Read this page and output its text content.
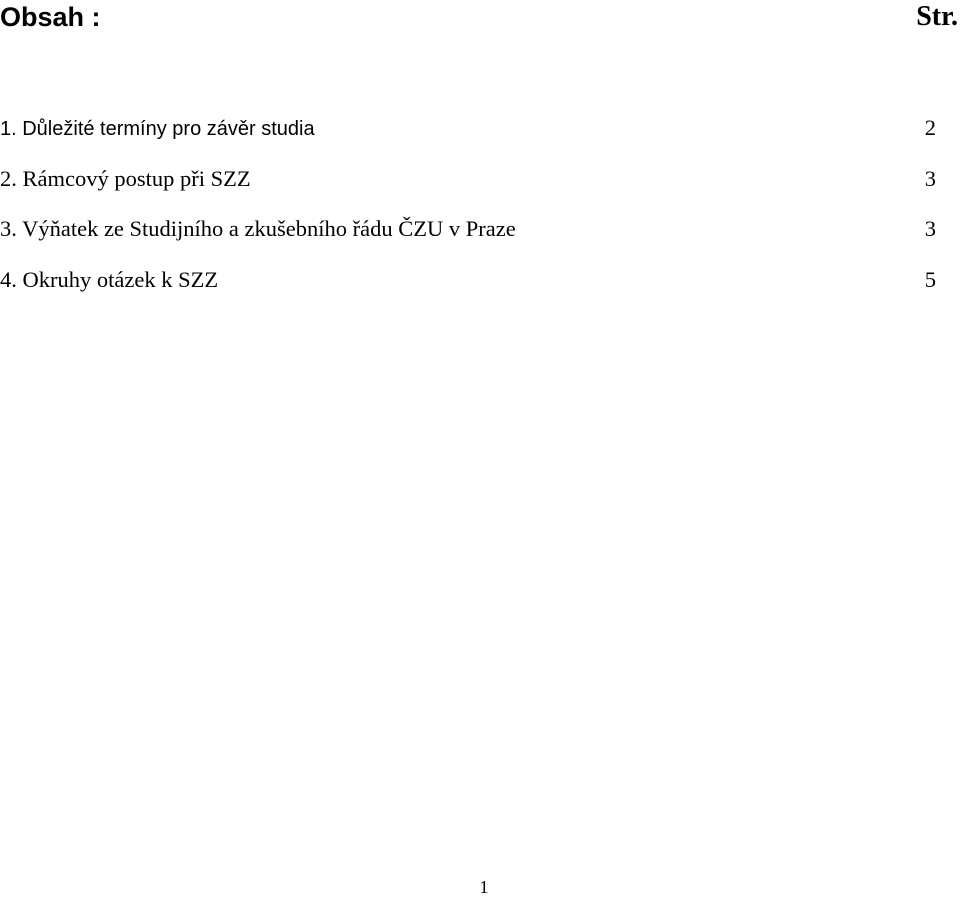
Obsah :	Str.
1. Důležité termíny pro závěr studia	2
2. Rámcový postup při SZZ	3
3. Výňatek ze Studijního a zkušebního řádu ČZU v Praze	3
4. Okruhy otázek k SZZ	5
1
